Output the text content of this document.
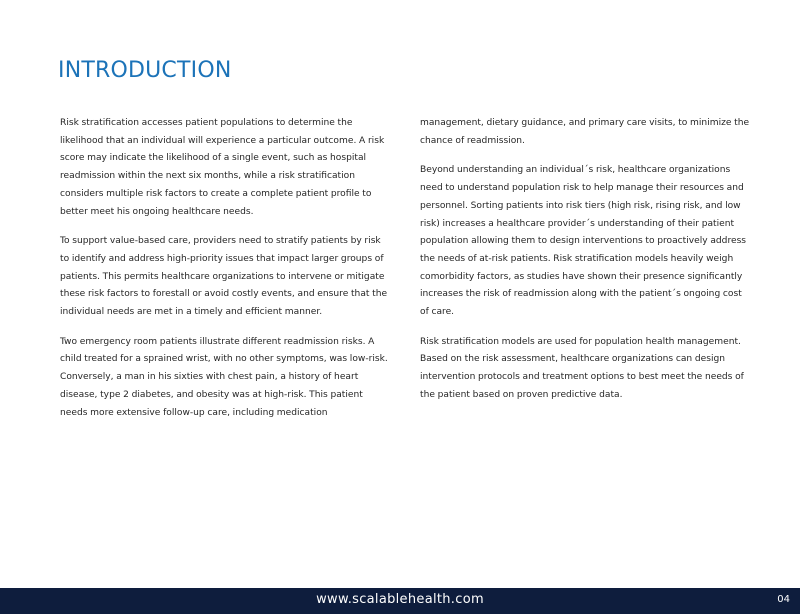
INTRODUCTION

Risk stratification accesses patient populations to determine the likelihood that an individual will experience a particular outcome. A risk score may indicate the likelihood of a single event, such as hospital readmission within the next six months, while a risk stratification considers multiple risk factors to create a complete patient profile to better meet his ongoing healthcare needs.

To support value-based care, providers need to stratify patients by risk to identify and address high-priority issues that impact larger groups of patients. This permits healthcare organizations to intervene or mitigate these risk factors to forestall or avoid costly events, and ensure that the individual needs are met in a timely and efficient manner.

Two emergency room patients illustrate different readmission risks. A child treated for a sprained wrist, with no other symptoms, was low-risk. Conversely, a man in his sixties with chest pain, a history of heart disease, type 2 diabetes, and obesity was at high-risk. This patient needs more extensive follow-up care, including medication

management, dietary guidance, and primary care visits, to minimize the chance of readmission.

Beyond understanding an individual´s risk, healthcare organizations need to understand population risk to help manage their resources and personnel. Sorting patients into risk tiers (high risk, rising risk, and low risk) increases a healthcare provider´s understanding of their patient population allowing them to design interventions to proactively address the needs of at-risk patients. Risk stratification models heavily weigh comorbidity factors, as studies have shown their presence significantly increases the risk of readmission along with the patient´s ongoing cost of care.

Risk stratification models are used for population health management. Based on the risk assessment, healthcare organizations can design intervention protocols and treatment options to best meet the needs of the patient based on proven predictive data.

www.scalablehealth.com	04
